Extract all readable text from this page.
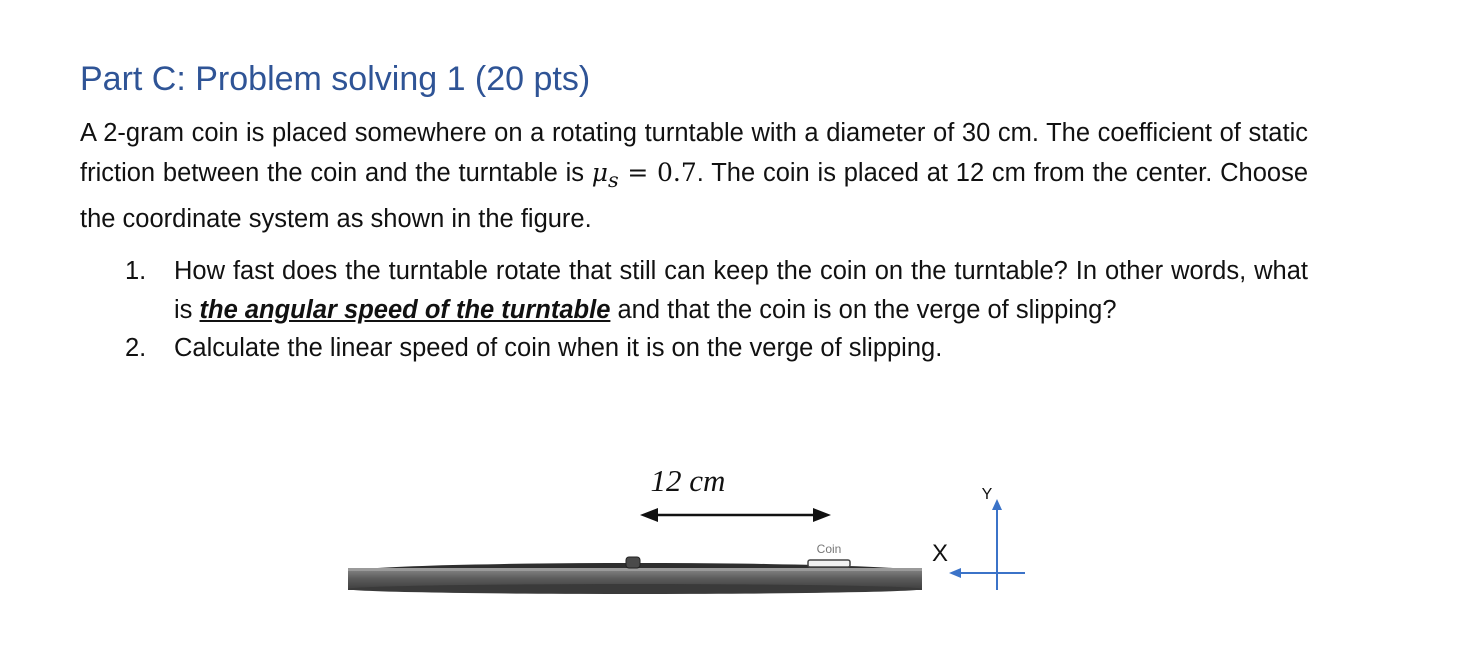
Part C: Problem solving 1 (20 pts)

A 2-gram coin is placed somewhere on a rotating turntable with a diameter of 30 cm. The coefficient of static friction between the coin and the turntable is $\mu_s = 0.7$. The coin is placed at 12 cm from the center. Choose the coordinate system as shown in the figure.

1. How fast does the turntable rotate that still can keep the coin on the turntable? In other words, what is the angular speed of the turntable and that the coin is on the verge of slipping?
2. Calculate the linear speed of coin when it is on the verge of slipping.
12 cm
Coin	X
Y
